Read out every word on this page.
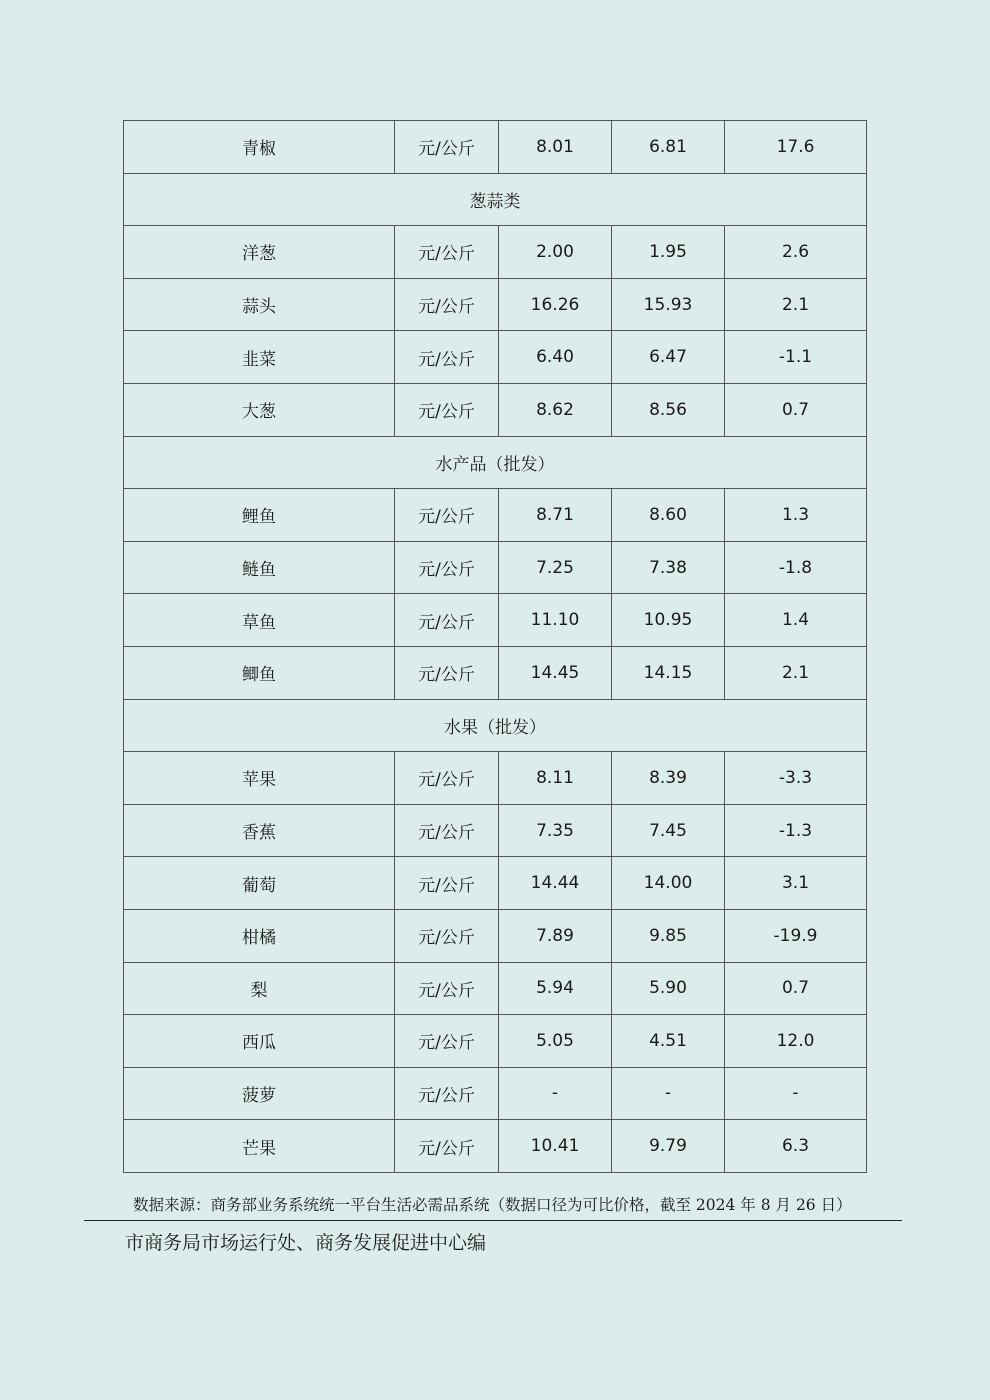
青椒	元/公斤	8.01	6.81	17.6
葱蒜类				
洋葱	元/公斤	2.00	1.95	2.6
蒜头	元/公斤	16.26	15.93	2.1
韭菜	元/公斤	6.40	6.47	-1.1
大葱	元/公斤	8.62	8.56	0.7
水产品（批发）				
鲤鱼	元/公斤	8.71	8.60	1.3
鲢鱼	元/公斤	7.25	7.38	-1.8
草鱼	元/公斤	11.10	10.95	1.4
鲫鱼	元/公斤	14.45	14.15	2.1
水果（批发）				
苹果	元/公斤	8.11	8.39	-3.3
香蕉	元/公斤	7.35	7.45	-1.3
葡萄	元/公斤	14.44	14.00	3.1
柑橘	元/公斤	7.89	9.85	-19.9
梨	元/公斤	5.94	5.90	0.7
西瓜	元/公斤	5.05	4.51	12.0
菠萝	元/公斤	-	-	-
芒果	元/公斤	10.41	9.79	6.3
数据来源：商务部业务系统统一平台生活必需品系统（数据口径为可比价格，截至 2024 年 8 月 26 日）
市商务局市场运行处、商务发展促进中心编
